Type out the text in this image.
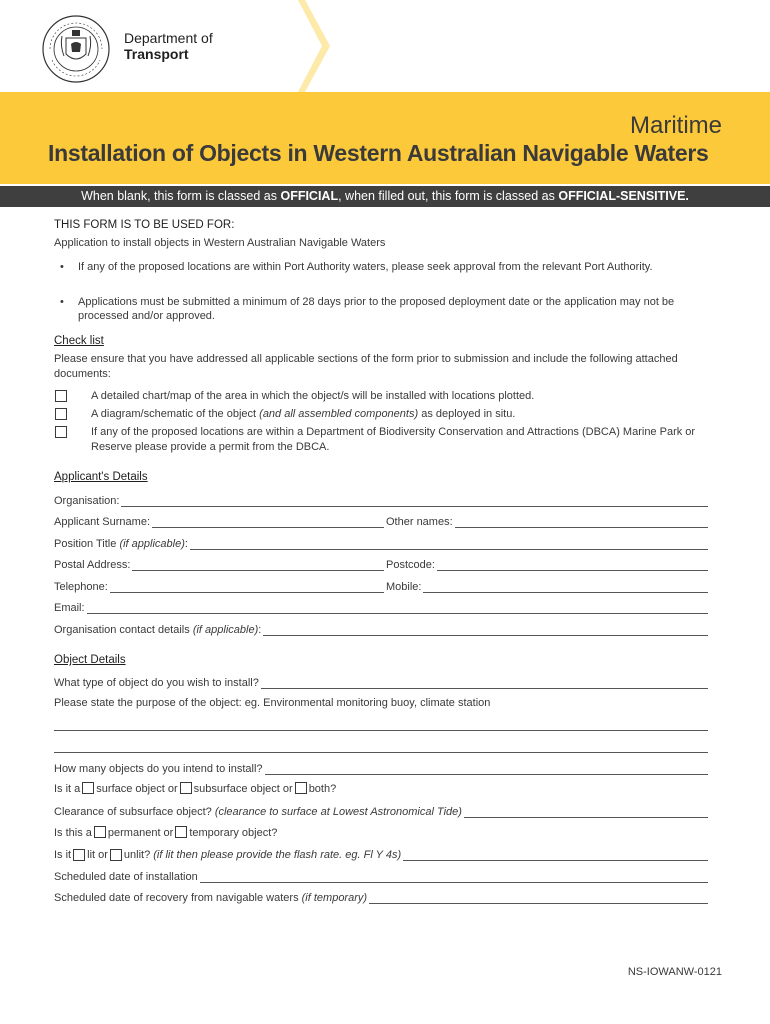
Department of
Transport
Maritime
Installation of Objects in Western Australian Navigable Waters
When blank, this form is classed as OFFICIAL, when filled out, this form is classed as OFFICIAL-SENSITIVE.
THIS FORM IS TO BE USED FOR:
Application to install objects in Western Australian Navigable Waters
• If any of the proposed locations are within Port Authority waters, please seek approval from the relevant Port Authority.
• Applications must be submitted a minimum of 28 days prior to the proposed deployment date or the application may not be processed and/or approved.
Check list
Please ensure that you have addressed all applicable sections of the form prior to submission and include the following attached documents:
A detailed chart/map of the area in which the object/s will be installed with locations plotted.
A diagram/schematic of the object (and all assembled components) as deployed in situ.
If any of the proposed locations are within a Department of Biodiversity Conservation and Attractions (DBCA) Marine Park or Reserve please provide a permit from the DBCA.
Applicant's Details
Organisation:
Applicant Surname:	Other names:
Position Title
(if applicable) :
Postal Address:	Postcode:
Telephone:	Mobile:
Email:
Organisation contact details
(if applicable) :
Object Details
What type of object do you wish to install?
Please state the purpose of the object: eg. Environmental monitoring buoy, climate station
How many objects do you intend to install?
Is it a surface object or subsurface object or both?
Clearance of subsurface object?
(clearance to surface at Lowest Astronomical Tide)
Is this a permanent or temporary object?
Is it lit or unlit?
(if lit then please provide the flash rate. eg. Fl Y 4s)
Scheduled date of installation
Scheduled date of recovery from navigable waters
(if temporary)
NS-IOWANW-0121
